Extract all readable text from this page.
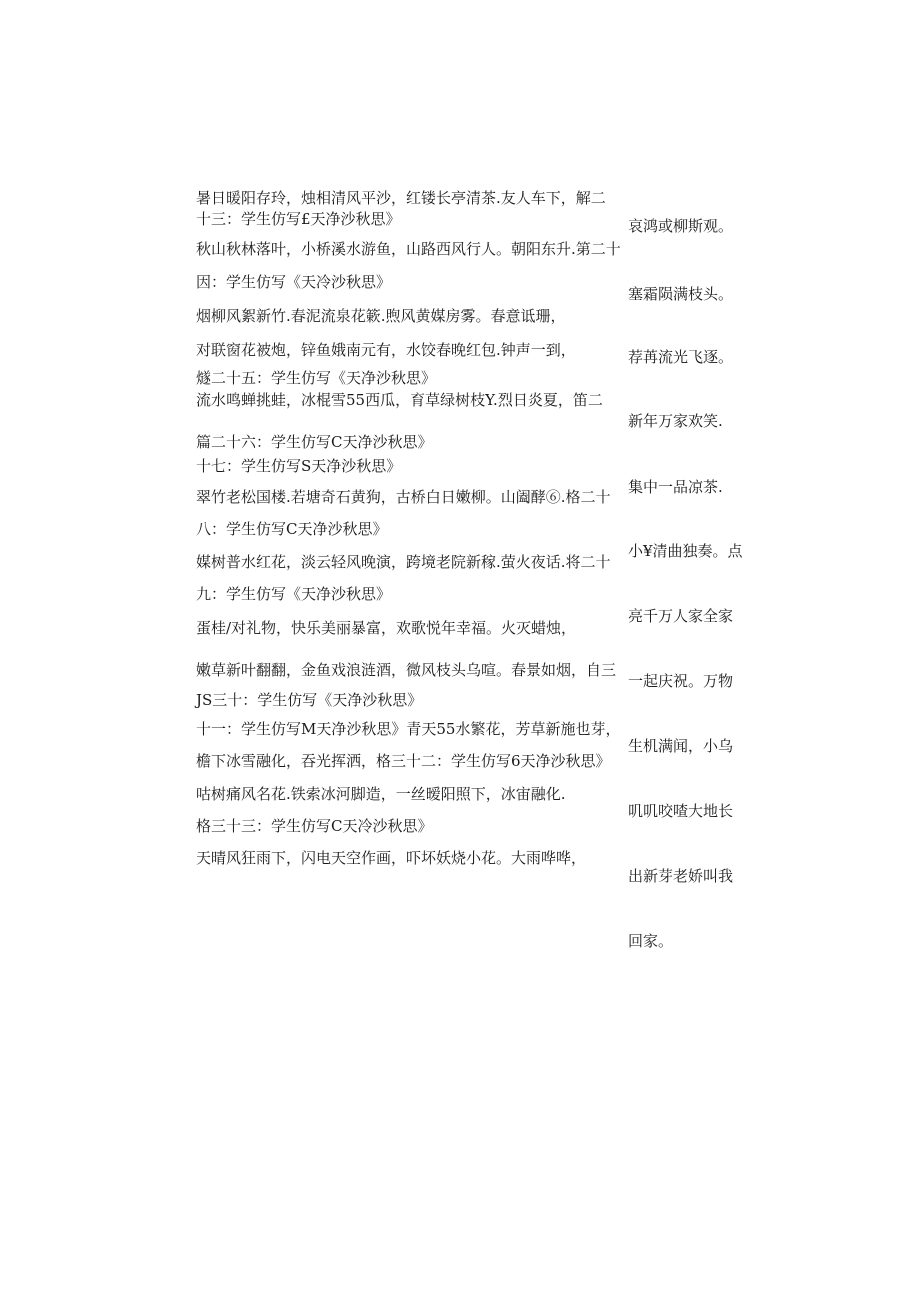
暑日暖阳存玲，烛相清风平沙，红镂长亭清茶.友人车下，解二
十三：学生仿写£天净沙秋思》
秋山秋林落叶，小桥溪水游鱼，山路西风行人。朝阳东升.第二十
因：学生仿写《天冷沙秋思》
烟柳风絮新竹.春泥流泉花簌.煦风黄媒房雾。春意诋珊，
对联窗花被炮，锌鱼娥南元有，水饺春晚红包.钟声一到，
燧二十五：学生仿写《天净沙秋思》
流水鸣蝉挑蛙，冰棍雪55西瓜，育草绿树枝Y.烈日炎夏，笛二
篇二十六：学生仿写C天净沙秋思》
十七：学生仿写S天净沙秋思》
翠竹老松国楼.若塘奇石黄狗，古桥白日嫩柳。山阖酵⑥.格二十
八：学生仿写C天净沙秋思》
媒树普水红花，淡云轻风晚演，跨境老院新稼.萤火夜话.将二十
九：学生仿写《天净沙秋思》
蛋桂/对礼物，快乐美丽暴富，欢歌悦年幸福。火灭蜡烛，
嫩草新叶翻翻，金鱼戏浪涟酒，微风枝头乌喧。春景如烟，自三
JS三十：学生仿写《天净沙秋思》
十一：学生仿写M天净沙秋思》青天55水繁花，芳草新施也芽，
檐下冰雪融化，吞光挥洒，格三十二：学生仿写6天净沙秋思》
咕树痛风名花.铁索冰河脚造，一丝暧阳照下，冰宙融化.
格三十三：学生仿写C天冷沙秋思》
天晴风狂雨下，闪电天空作画，吓坏妖烧小花。大雨哗哗，
哀鸿或柳斯观。
塞霜陨满枝头。
荐苒流光飞逐。
新年万家欢笑.
集中一品凉茶.
小¥清曲独奏。点
亮千万人家全家
一起庆祝。万物
生机满闻，小乌
叽叽咬喳大地长
出新芽老娇叫我
回家。
